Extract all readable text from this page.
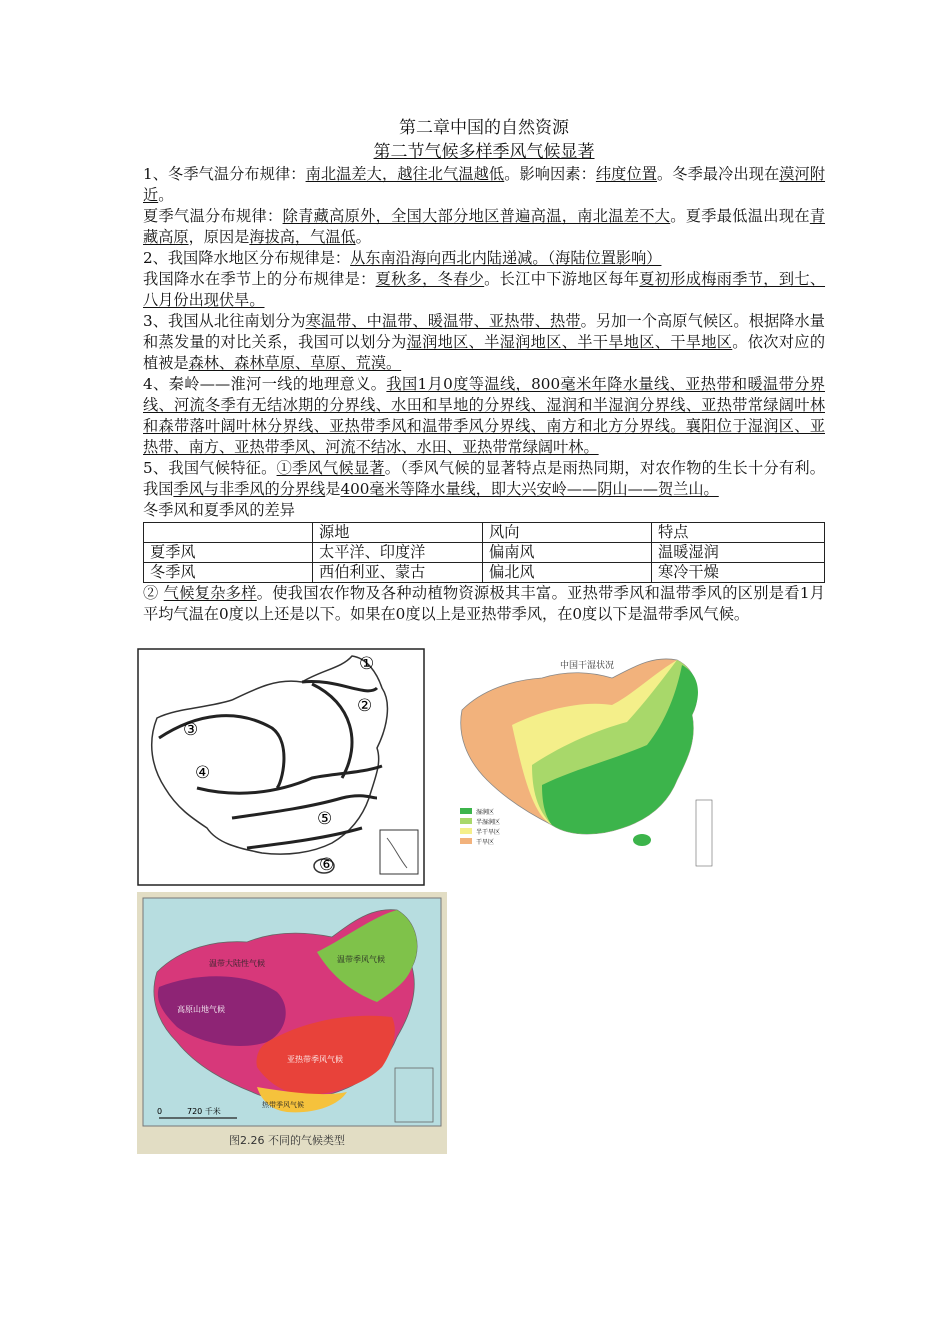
第二章中国的自然资源
第二节气候多样季风气候显著

1、冬季气温分布规律：南北温差大，越往北气温越低。影响因素：纬度位置。冬季最冷出现在漠河附近。

夏季气温分布规律：除青藏高原外，全国大部分地区普遍高温，南北温差不大。夏季最低温出现在青藏高原，原因是海拔高，气温低。

2、我国降水地区分布规律是：从东南沿海向西北内陆递减。（海陆位置影响）

我国降水在季节上的分布规律是：夏秋多，冬春少。长江中下游地区每年夏初形成梅雨季节，到七、八月份出现伏旱。

3、我国从北往南划分为寒温带、中温带、暖温带、亚热带、热带。另加一个高原气候区。根据降水量和蒸发量的对比关系，我国可以划分为湿润地区、半湿润地区、半干旱地区、干旱地区。依次对应的植被是森林、森林草原、草原、荒漠。

4、秦岭——淮河一线的地理意义。我国1月0度等温线，800毫米年降水量线、亚热带和暖温带分界线、河流冬季有无结冰期的分界线、水田和旱地的分界线、湿润和半湿润分界线、亚热带常绿阔叶林和森带落叶阔叶林分界线、亚热带季风和温带季风分界线、南方和北方分界线。襄阳位于湿润区、亚热带、南方、亚热带季风、河流不结冰、水田、亚热带常绿阔叶林。

5、我国气候特征。①季风气候显著。（季风气候的显著特点是雨热同期，对农作物的生长十分有利。我国季风与非季风的分界线是400毫米等降水量线，即大兴安岭——阴山——贺兰山。

冬季风和夏季风的差异

	源地	风向	特点
夏季风	太平洋、印度洋	偏南风	温暖湿润
冬季风	西伯利亚、蒙古	偏北风	寒冷干燥

② 气候复杂多样。使我国农作物及各种动植物资源极其丰富。亚热带季风和温带季风的区别是看1月平均气温在0度以上还是以下。如果在0度以上是亚热带季风，在0度以下是温带季风气候。

①
②
③
④
⑤
⑥
中国干湿状况
湿润区
半湿润区
半干旱区
干旱区
温带大陆性气候	温带季风气候
高原山地气候
亚热带季风气候
热带季风气候
0	720 千米
图2.26 不同的气候类型
